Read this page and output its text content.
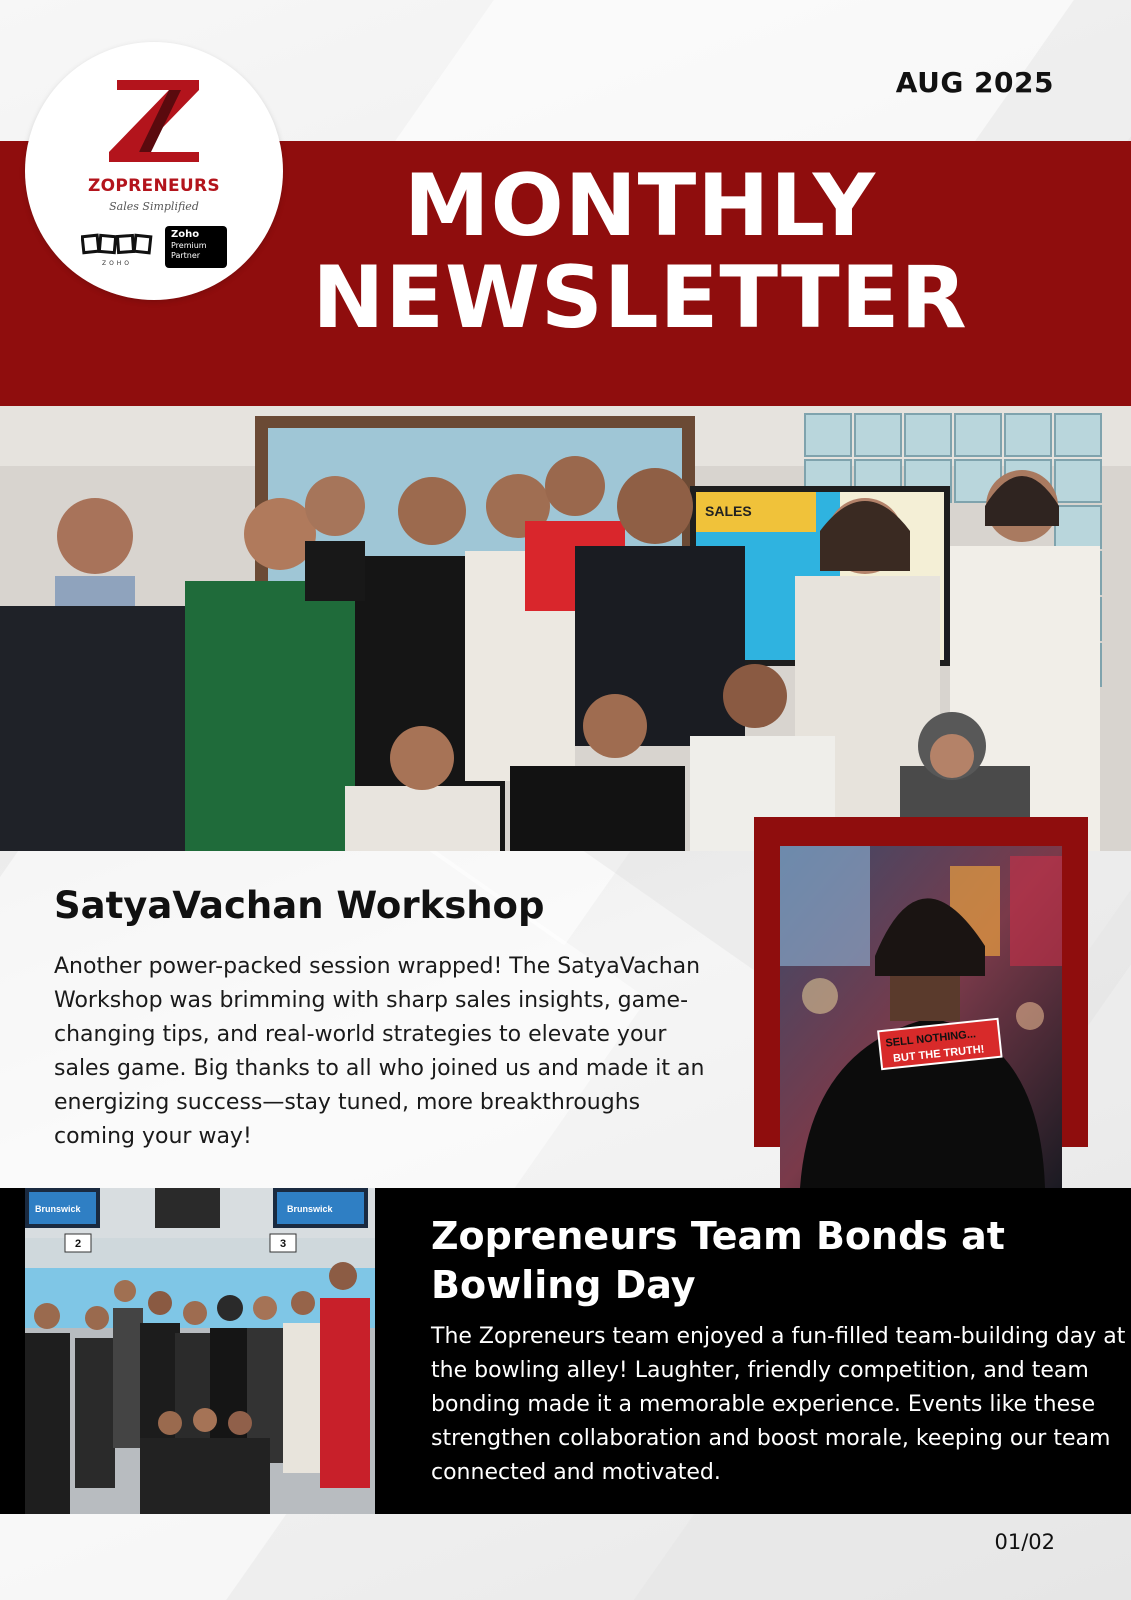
AUG 2025
MONTHLY
NEWSLETTER
ZOPRENEURS
Sales Simplified
ZOHO
Zoho
Premium
Partner
SALES
SatyaVachan Workshop
Another power-packed session wrapped! The SatyaVachan Workshop was brimming with sharp sales insights, game-changing tips, and real-world strategies to elevate your sales game. Big thanks to all who joined us and made it an energizing success—stay tuned, more breakthroughs coming your way!
SELL NOTHING...
BUT THE TRUTH!
Brunswick	Brunswick
2	3	Zopreneurs Team Bonds at Bowling Day
The Zopreneurs team enjoyed a fun-filled team-building day at the bowling alley! Laughter, friendly competition, and team bonding made it a memorable experience. Events like these strengthen collaboration and boost morale, keeping our team connected and motivated.
01/02
